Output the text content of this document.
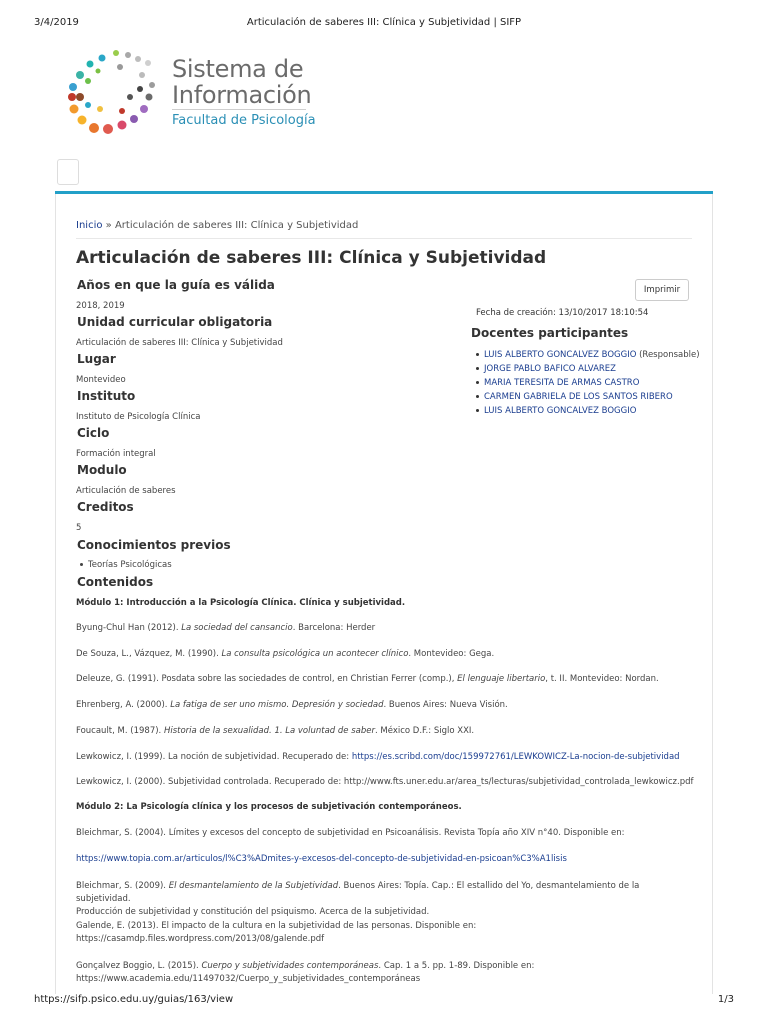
3/4/2019	Articulación de saberes III: Clínica y Subjetividad | SIFP
Sistema de
Información
Facultad de Psicología
Inicio » Articulación de saberes III: Clínica y Subjetividad
Articulación de saberes III: Clínica y Subjetividad
Años en que la guía es válida
2018, 2019
Unidad curricular obligatoria
Articulación de saberes III: Clínica y Subjetividad
Lugar
Montevideo
Instituto
Instituto de Psicología Clínica
Ciclo
Formación integral
Modulo
Articulación de saberes
Creditos
5
Conocimientos previos
Teorías Psicológicas
Contenidos
Imprimir
Fecha de creación: 13/10/2017 18:10:54
Docentes participantes
LUIS ALBERTO GONCALVEZ BOGGIO (Responsable)
JORGE PABLO BAFICO ALVAREZ
MARIA TERESITA DE ARMAS CASTRO
CARMEN GABRIELA DE LOS SANTOS RIBERO
LUIS ALBERTO GONCALVEZ BOGGIO
Módulo 1: Introducción a la Psicología Clínica. Clínica y subjetividad.
Byung-Chul Han (2012). La sociedad del cansancio. Barcelona: Herder
De Souza, L., Vázquez, M. (1990). La consulta psicológica un acontecer clínico. Montevideo: Gega.
Deleuze, G. (1991). Posdata sobre las sociedades de control, en Christian Ferrer (comp.), El lenguaje libertario, t. II. Montevideo: Nordan.
Ehrenberg, A. (2000). La fatiga de ser uno mismo. Depresión y sociedad. Buenos Aires: Nueva Visión.
Foucault, M. (1987). Historia de la sexualidad. 1. La voluntad de saber. México D.F.: Siglo XXI.
Lewkowicz, I. (1999). La noción de subjetividad. Recuperado de: https://es.scribd.com/doc/159972761/LEWKOWICZ-La-nocion-de-subjetividad
Lewkowicz, I. (2000). Subjetividad controlada. Recuperado de: http://www.fts.uner.edu.ar/area_ts/lecturas/subjetividad_controlada_lewkowicz.pdf
Módulo 2: La Psicología clínica y los procesos de subjetivación contemporáneos.
Bleichmar, S. (2004). Límites y excesos del concepto de subjetividad en Psicoanálisis. Revista Topía año XIV n°40. Disponible en:
https://www.topia.com.ar/articulos/l%C3%ADmites-y-excesos-del-concepto-de-subjetividad-en-psicoan%C3%A1lisis
Bleichmar, S. (2009). El desmantelamiento de la Subjetividad. Buenos Aires: Topía. Cap.: El estallido del Yo, desmantelamiento de la subjetividad.
Producción de subjetividad y constitución del psiquismo. Acerca de la subjetividad.
Galende, E. (2013). El impacto de la cultura en la subjetividad de las personas. Disponible en:
https://casamdp.files.wordpress.com/2013/08/galende.pdf
Gonçalvez Boggio, L. (2015). Cuerpo y subjetividades contemporáneas. Cap. 1 a 5. pp. 1-89. Disponible en:
https://www.academia.edu/11497032/Cuerpo_y_subjetividades_contemporáneas
https://sifp.psico.edu.uy/guias/163/view	1/3
